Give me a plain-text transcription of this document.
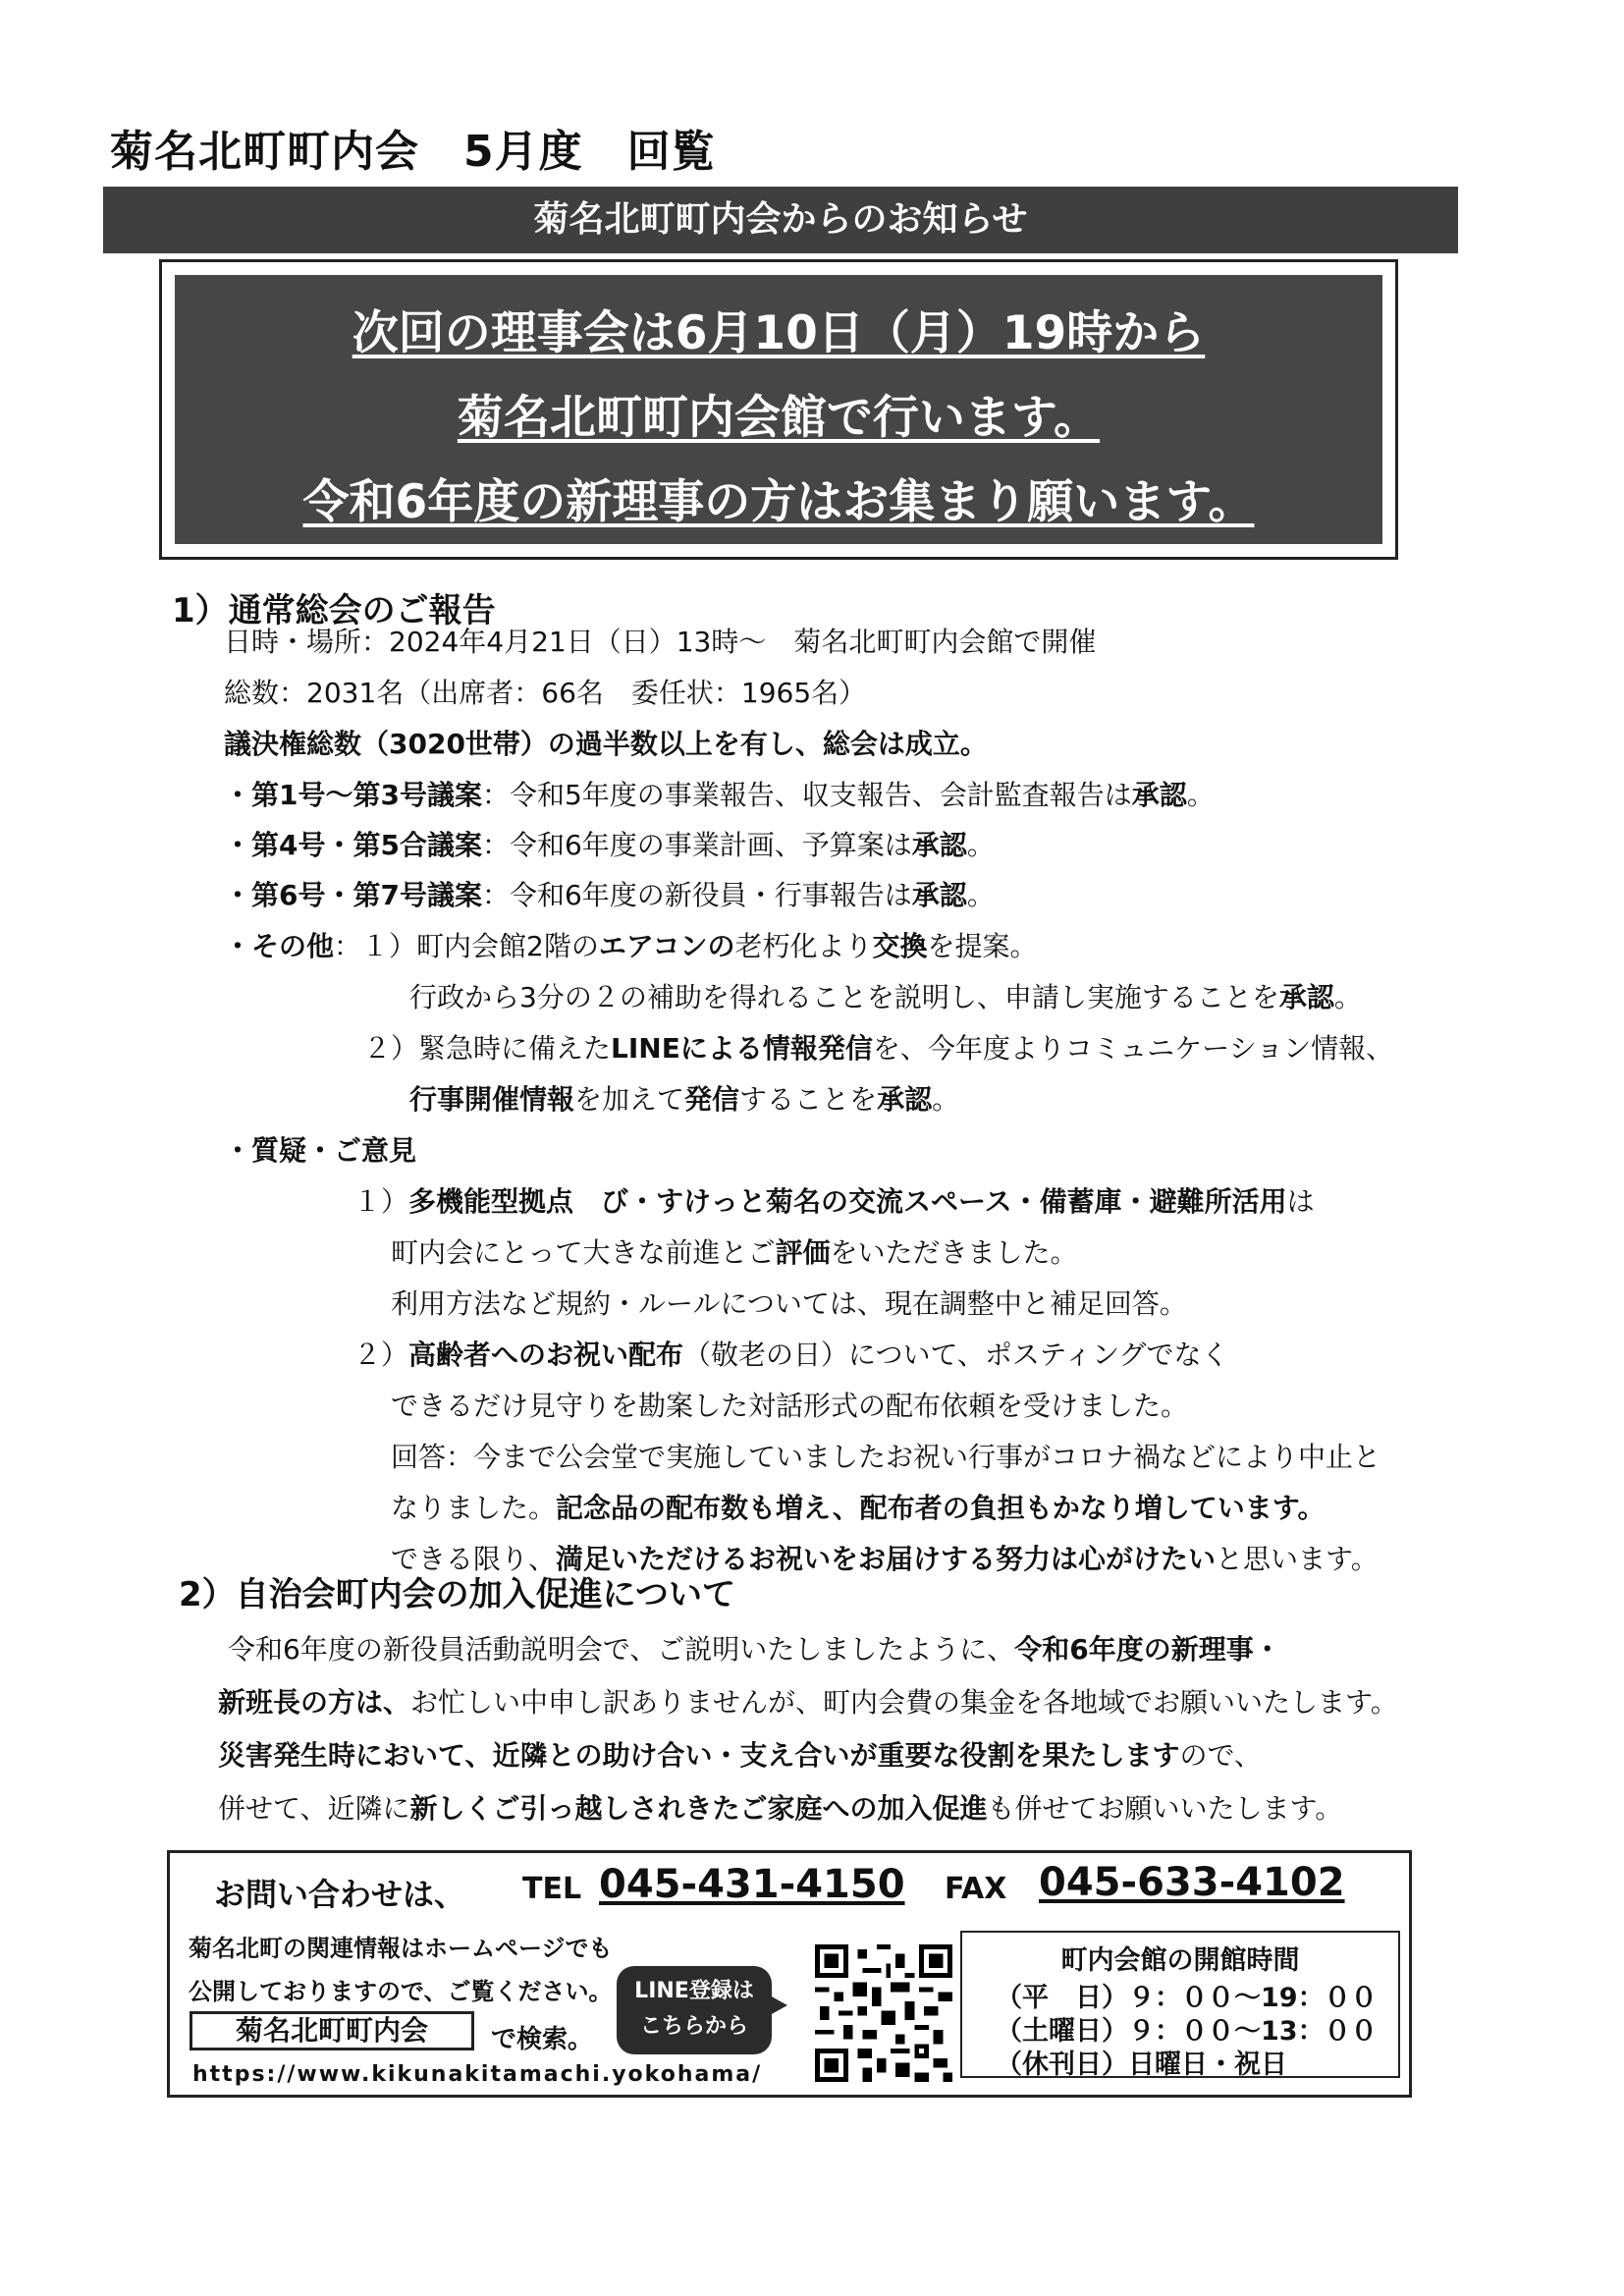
菊名北町町内会　5月度　回覧
菊名北町町内会からのお知らせ
次回の理事会は6月10日（月）19時から
菊名北町町内会館で行います。
令和6年度の新理事の方はお集まり願います。
1）通常総会のご報告
日時・場所：2024年4月21日（日）13時～　菊名北町町内会館で開催
総数：2031名（出席者：66名　委任状：1965名）
議決権総数（3020世帯）の過半数以上を有し、総会は成立。
・第1号～第3号議案：令和5年度の事業報告、収支報告、会計監査報告は承認。
・第4号・第5合議案：令和6年度の事業計画、予算案は承認。
・第6号・第7号議案：令和6年度の新役員・行事報告は承認。
・その他：１）町内会館2階のエアコンの老朽化より交換を提案。
行政から3分の２の補助を得れることを説明し、申請し実施することを承認。
２）緊急時に備えたLINEによる情報発信を、今年度よりコミュニケーション情報、
行事開催情報を加えて発信することを承認。
・質疑・ご意見
１）多機能型拠点　び・すけっと菊名の交流スペース・備蓄庫・避難所活用は
町内会にとって大きな前進とご評価をいただきました。
利用方法など規約・ルールについては、現在調整中と補足回答。
２）高齢者へのお祝い配布（敬老の日）について、ポスティングでなく
できるだけ見守りを勘案した対話形式の配布依頼を受けました。
回答：今まで公会堂で実施していましたお祝い行事がコロナ禍などにより中止と
なりました。記念品の配布数も増え、配布者の負担もかなり増しています。
できる限り、満足いただけるお祝いをお届けする努力は心がけたいと思います。
2）自治会町内会の加入促進について
令和6年度の新役員活動説明会で、ご説明いたしましたように、令和6年度の新理事・
新班長の方は、お忙しい中申し訳ありませんが、町内会費の集金を各地域でお願いいたします。
災害発生時において、近隣との助け合い・支え合いが重要な役割を果たしますので、
併せて、近隣に新しくご引っ越しされきたご家庭への加入促進も併せてお願いいたします。
お問い合わせは、 TEL 045-431-4150 FAX 045-633-4102
菊名北町の関連情報はホームページでも
公開しておりますので、ご覧ください。
菊名北町町内会	で検索。
https://www.kikunakitamachi.yokohama/
LINE登録は
こちらから
町内会館の開館時間
（平　日）９：００～19：００
（土曜日）９：００～13：００
（休刊日）日曜日・祝日
